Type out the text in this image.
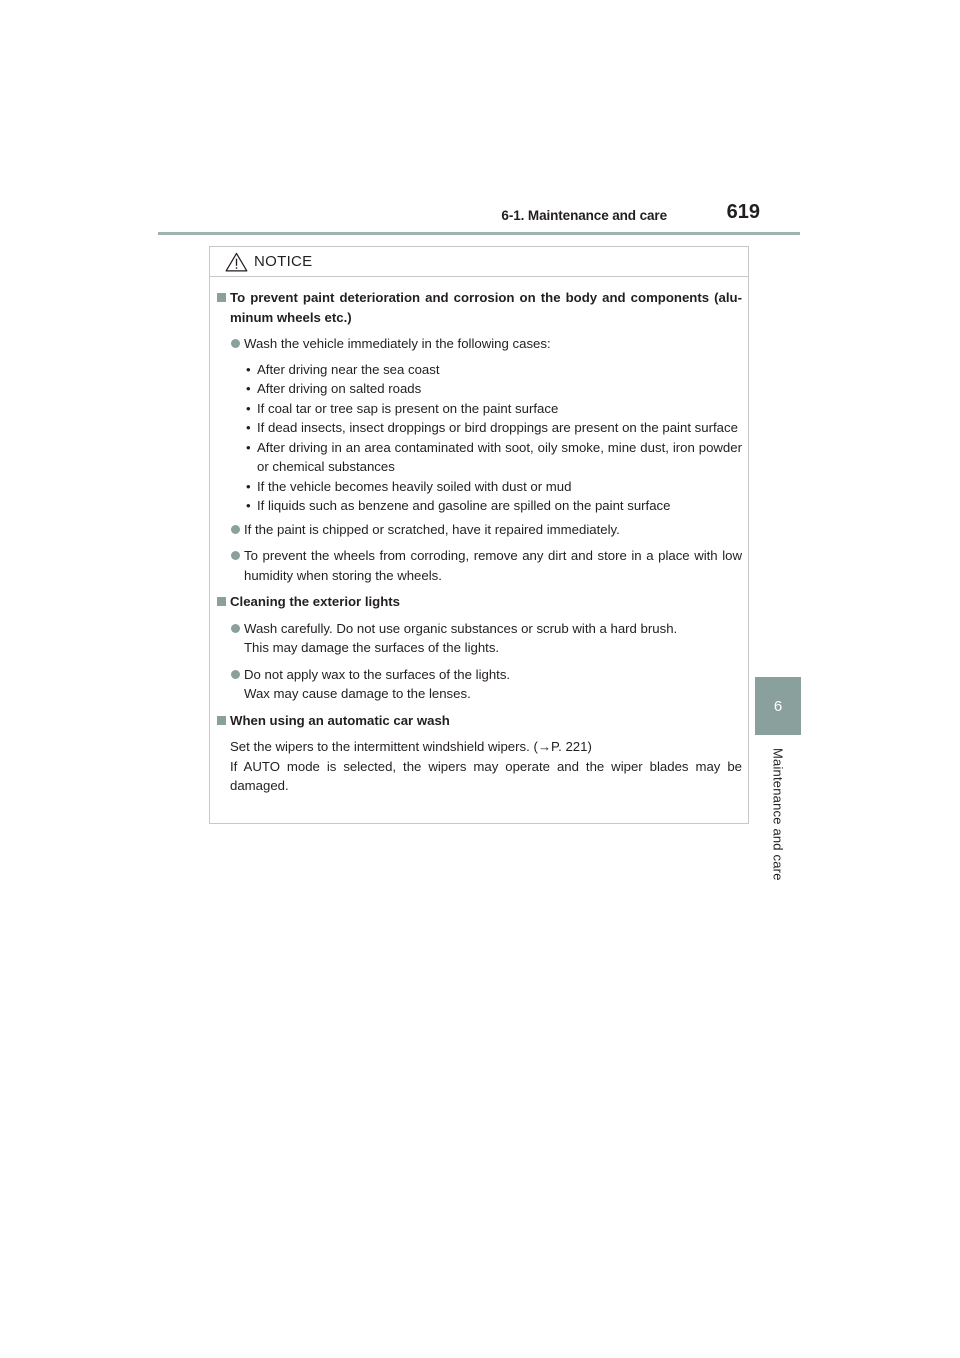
6-1. Maintenance and care	619
6
Maintenance and care
NOTICE
To prevent paint deterioration and corrosion on the body and components (alu-minum wheels etc.)
Wash the vehicle immediately in the following cases:
• After driving near the sea coast
• After driving on salted roads
• If coal tar or tree sap is present on the paint surface
• If dead insects, insect droppings or bird droppings are present on the paint surface
• After driving in an area contaminated with soot, oily smoke, mine dust, iron powder or chemical substances
• If the vehicle becomes heavily soiled with dust or mud
• If liquids such as benzene and gasoline are spilled on the paint surface
If the paint is chipped or scratched, have it repaired immediately.
To prevent the wheels from corroding, remove any dirt and store in a place with low humidity when storing the wheels.
Cleaning the exterior lights
Wash carefully. Do not use organic substances or scrub with a hard brush.
This may damage the surfaces of the lights.
Do not apply wax to the surfaces of the lights.
Wax may cause damage to the lenses.
When using an automatic car wash
Set the wipers to the intermittent windshield wipers. (→P. 221)
If AUTO mode is selected, the wipers may operate and the wiper blades may be damaged.
